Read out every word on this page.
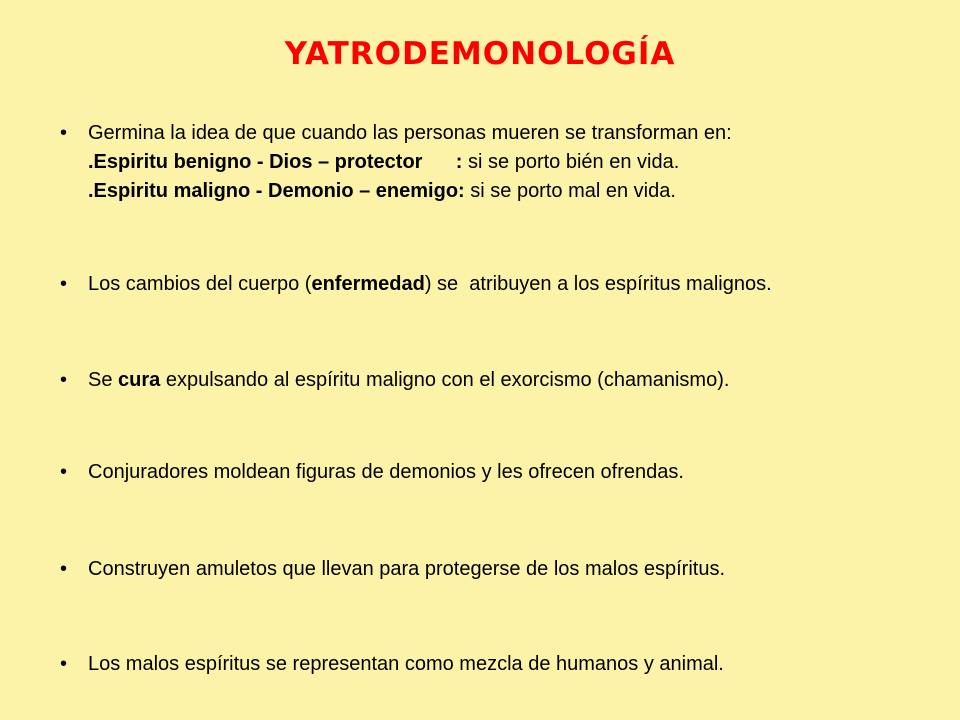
yatrodemonología
• Germina la idea de que cuando las personas mueren se transforman en:
.Espiritu benigno - Dios – protector      : si se porto bién en vida.
.Espiritu maligno - Demonio – enemigo: si se porto mal en vida.
• Los cambios del cuerpo (enfermedad) se  atribuyen a los espíritus malignos.
• Se cura expulsando al espíritu maligno con el exorcismo (chamanismo).
• Conjuradores moldean figuras de demonios y les ofrecen ofrendas.
• Construyen amuletos que llevan para protegerse de los malos espíritus.
• Los malos espíritus se representan como mezcla de humanos y animal.
